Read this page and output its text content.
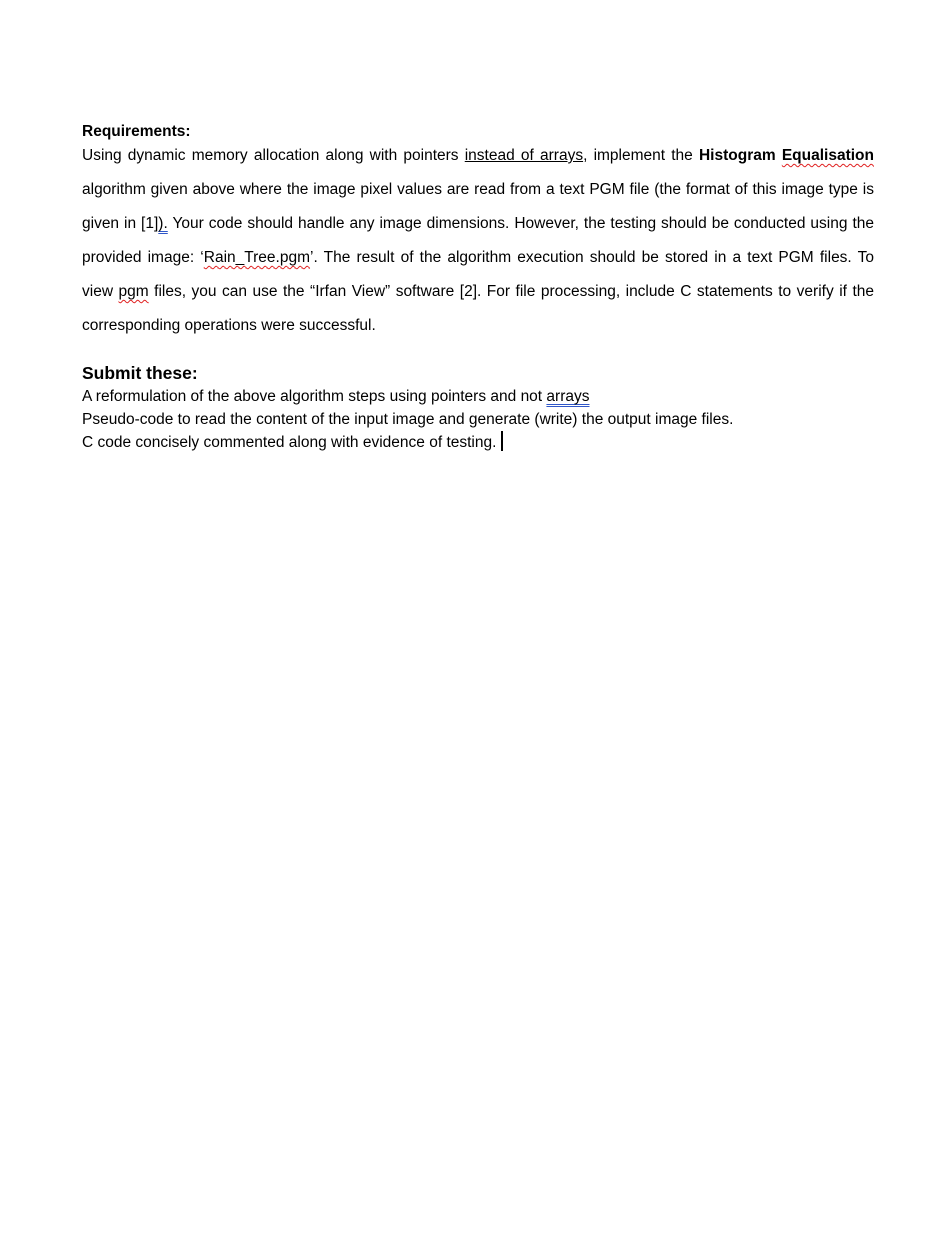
Requirements:

Using dynamic memory allocation along with pointers instead of arrays, implement the Histogram Equalisation algorithm given above where the image pixel values are read from a text PGM file (the format of this image type is given in [1]). Your code should handle any image dimensions. However, the testing should be conducted using the provided image: ‘Rain_Tree.pgm’. The result of the algorithm execution should be stored in a text PGM files. To view pgm files, you can use the “Irfan View” software [2]. For file processing, include C statements to verify if the corresponding operations were successful.

Submit these:

A reformulation of the above algorithm steps using pointers and not arrays

Pseudo-code to read the content of the input image and generate (write) the output image files.

C code concisely commented along with evidence of testing.
